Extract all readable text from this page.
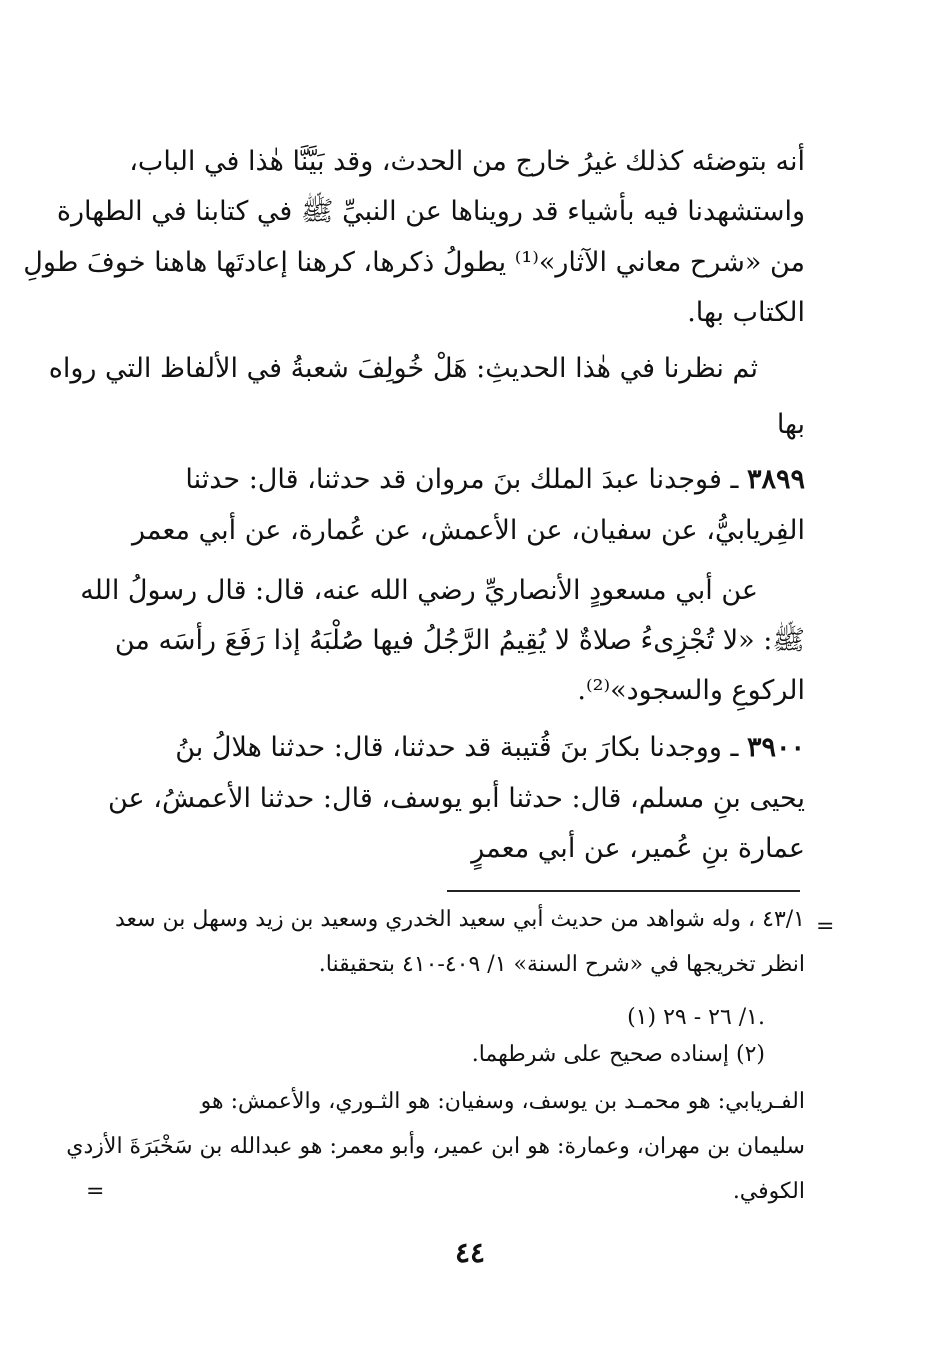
أنه بتوضئه كذلك غيرُ خارج من الحدث، وقد بَيَّنَّا هٰذا في الباب،

واستشهدنا فيه بأشياء قد رويناها عن النبيِّ ﷺ في كتابنا في الطهارة

من «شرح معاني الآثار»⁽¹⁾ يطولُ ذكرها، كرهنا إعادتَها هاهنا خوفَ طولِ

الكتاب بها.

ثم نظرنا في هٰذا الحديثِ: هَلْ خُولِفَ شعبةُ في الألفاظ التي رواه

بها

٣٨٩٩ ـ فوجدنا عبدَ الملك بنَ مروان قد حدثنا، قال: حدثنا

الفِريابيُّ، عن سفيان، عن الأعمش، عن عُمارة، عن أبي معمر

عن أبي مسعودٍ الأنصاريِّ رضي الله عنه، قال: قال رسولُ الله

ﷺ: «لا تُجْزِىءُ صلاةٌ لا يُقِيمُ الرَّجُلُ فيها صُلْبَهُ إذا رَفَعَ رأسَه من

الركوعِ والسجود»⁽²⁾.

٣٩٠٠ ـ ووجدنا بكارَ بنَ قُتيبة قد حدثنا، قال: حدثنا هلالُ بنُ

يحيى بنِ مسلم، قال: حدثنا أبو يوسف، قال: حدثنا الأعمشُ، عن

عمارة بنِ عُمير، عن أبي معمرٍ

=

٤٣/١ ، وله شواهد من حديث أبي سعيد الخدري وسعيد بن زيد وسهل بن سعد

انظر تخريجها في «شرح السنة» ١/ ٤٠٩-٤١٠ بتحقيقنا.

(١) ١/ ٢٦ - ٢٩.

(٢) إسناده صحيح على شرطهما.

الفـريابي: هو محمـد بن يوسف، وسفيان: هو الثـوري، والأعمش: هو

سليمان بن مهران، وعمارة: هو ابن عمير، وأبو معمر: هو عبدالله بن سَخْبَرَةَ الأزدي

الكوفي.

=
٤٤
